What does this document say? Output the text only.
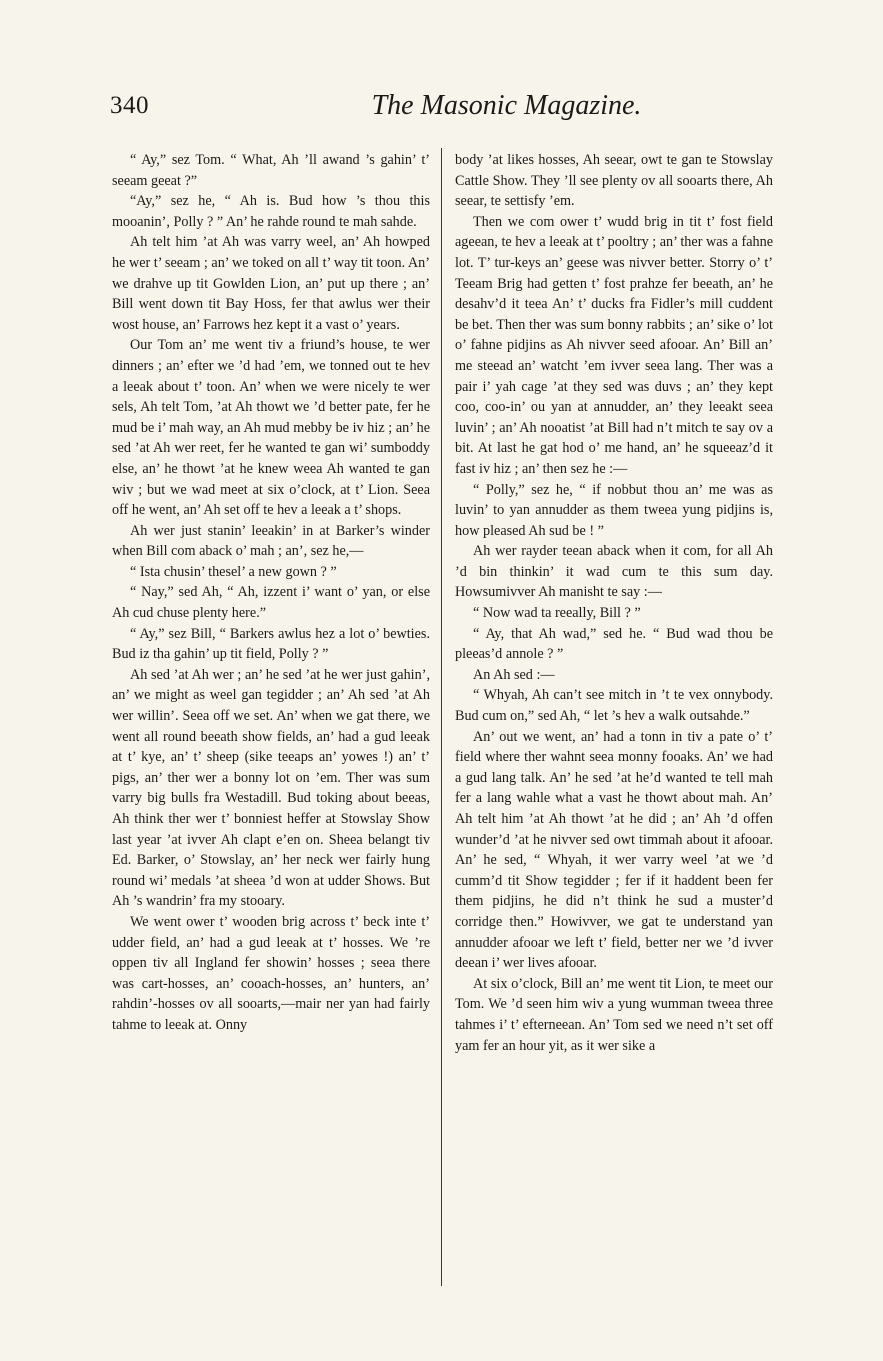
340	The Masonic Magazine.

“ Ay,” sez Tom. “ What, Ah ’ll awand ’s gahin’ t’ seeam geeat ?”

“Ay,” sez he, “ Ah is. Bud how ’s thou this mooanin’, Polly ? ” An’ he rahde round te mah sahde.

Ah telt him ’at Ah was varry weel, an’ Ah howped he wer t’ seeam ; an’ we toked on all t’ way tit toon. An’ we drahve up tit Gowlden Lion, an’ put up there ; an’ Bill went down tit Bay Hoss, fer that awlus wer their wost house, an’ Farrows hez kept it a vast o’ years.

Our Tom an’ me went tiv a friund’s house, te wer dinners ; an’ efter we ’d had ’em, we tonned out te hev a leeak about t’ toon. An’ when we were nicely te wer sels, Ah telt Tom, ’at Ah thowt we ’d better pate, fer he mud be i’ mah way, an Ah mud mebby be iv hiz ; an’ he sed ’at Ah wer reet, fer he wanted te gan wi’ sumboddy else, an’ he thowt ’at he knew weea Ah wanted te gan wiv ; but we wad meet at six o’clock, at t’ Lion. Seea off he went, an’ Ah set off te hev a leeak a t’ shops.

Ah wer just stanin’ leeakin’ in at Barker’s winder when Bill com aback o’ mah ; an’, sez he,—

“ Ista chusin’ thesel’ a new gown ? ”

“ Nay,” sed Ah, “ Ah, izzent i’ want o’ yan, or else Ah cud chuse plenty here.”

“ Ay,” sez Bill, “ Barkers awlus hez a lot o’ bewties. Bud iz tha gahin’ up tit field, Polly ? ”

Ah sed ’at Ah wer ; an’ he sed ’at he wer just gahin’, an’ we might as weel gan tegidder ; an’ Ah sed ’at Ah wer willin’. Seea off we set. An’ when we gat there, we went all round beeath show fields, an’ had a gud leeak at t’ kye, an’ t’ sheep (sike teeaps an’ yowes !) an’ t’ pigs, an’ ther wer a bonny lot on ’em. Ther was sum varry big bulls fra Westadill. Bud toking about beeas, Ah think ther wer t’ bonniest heffer at Stowslay Show last year ’at ivver Ah clapt e’en on. Sheea belangt tiv Ed. Barker, o’ Stowslay, an’ her neck wer fairly hung round wi’ medals ’at sheea ’d won at udder Shows. But Ah ’s wandrin’ fra my stooary.

We went ower t’ wooden brig across t’ beck inte t’ udder field, an’ had a gud leeak at t’ hosses. We ’re oppen tiv all Ingland fer showin’ hosses ; seea there was cart-hosses, an’ cooach-hosses, an’ hunters, an’ rahdin’-hosses ov all sooarts,—mair ner yan had fairly tahme to leeak at. Onny

body ’at likes hosses, Ah seear, owt te gan te Stowslay Cattle Show. They ’ll see plenty ov all sooarts there, Ah seear, te settisfy ’em.

Then we com ower t’ wudd brig in tit t’ fost field ageean, te hev a leeak at t’ pooltry ; an’ ther was a fahne lot. T’ tur-keys an’ geese was nivver better. Storry o’ t’ Teeam Brig had getten t’ fost prahze fer beeath, an’ he desahv’d it teea An’ t’ ducks fra Fidler’s mill cuddent be bet. Then ther was sum bonny rabbits ; an’ sike o’ lot o’ fahne pidjins as Ah nivver seed afooar. An’ Bill an’ me steead an’ watcht ’em ivver seea lang. Ther was a pair i’ yah cage ’at they sed was duvs ; an’ they kept coo, coo-in’ ou yan at annudder, an’ they leeakt seea luvin’ ; an’ Ah nooatist ’at Bill had n’t mitch te say ov a bit. At last he gat hod o’ me hand, an’ he squeeaz’d it fast iv hiz ; an’ then sez he :—

“ Polly,” sez he, “ if nobbut thou an’ me was as luvin’ to yan annudder as them tweea yung pidjins is, how pleased Ah sud be ! ”

Ah wer rayder teean aback when it com, for all Ah ’d bin thinkin’ it wad cum te this sum day. Howsumivver Ah manisht te say :—

“ Now wad ta reeally, Bill ? ”

“ Ay, that Ah wad,” sed he. “ Bud wad thou be pleeas’d annole ? ”

An Ah sed :—

“ Whyah, Ah can’t see mitch in ’t te vex onnybody. Bud cum on,” sed Ah, “ let ’s hev a walk outsahde.”

An’ out we went, an’ had a tonn in tiv a pate o’ t’ field where ther wahnt seea monny fooaks. An’ we had a gud lang talk. An’ he sed ’at he’d wanted te tell mah fer a lang wahle what a vast he thowt about mah. An’ Ah telt him ’at Ah thowt ’at he did ; an’ Ah ’d offen wunder’d ’at he nivver sed owt timmah about it afooar. An’ he sed, “ Whyah, it wer varry weel ’at we ’d cumm’d tit Show tegidder ; fer if it haddent been fer them pidjins, he did n’t think he sud a muster’d corridge then.” Howivver, we gat te understand yan annudder afooar we left t’ field, better ner we ’d ivver deean i’ wer lives afooar.

At six o’clock, Bill an’ me went tit Lion, te meet our Tom. We ’d seen him wiv a yung wumman tweea three tahmes i’ t’ efterneean. An’ Tom sed we need n’t set off yam fer an hour yit, as it wer sike a
